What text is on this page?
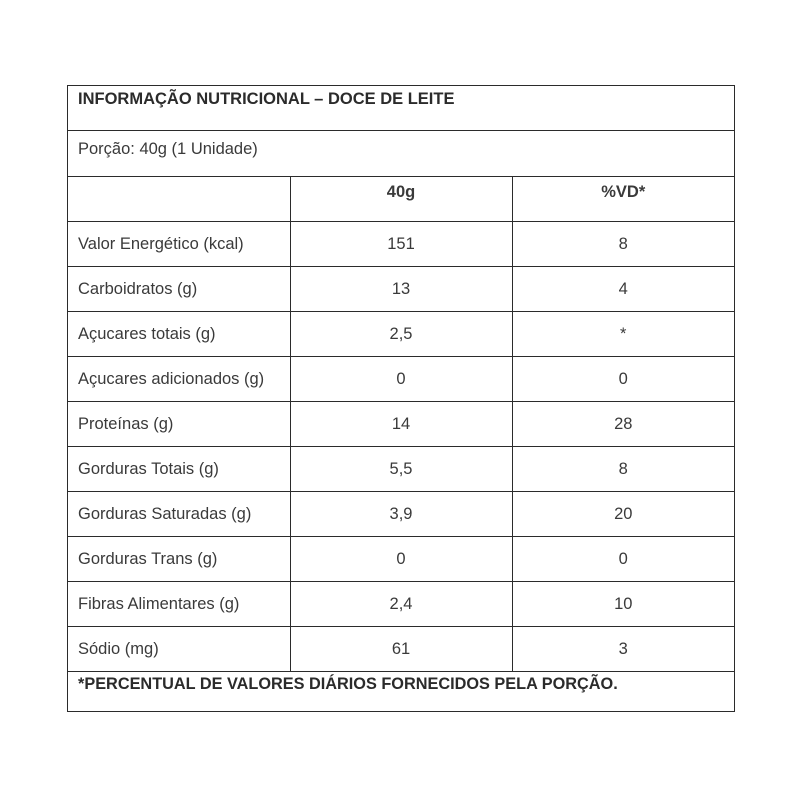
INFORMAÇÃO NUTRICIONAL – DOCE DE LEITE		
Porção: 40g (1 Unidade)		
	40g	%VD*
Valor Energético (kcal)	151	8
Carboidratos (g)	13	4
Açucares totais (g)	2,5	*
Açucares adicionados (g)	0	0
Proteínas (g)	14	28
Gorduras Totais (g)	5,5	8
Gorduras Saturadas (g)	3,9	20
Gorduras Trans (g)	0	0
Fibras Alimentares (g)	2,4	10
Sódio (mg)	61	3
*PERCENTUAL DE VALORES DIÁRIOS FORNECIDOS PELA PORÇÃO.		
